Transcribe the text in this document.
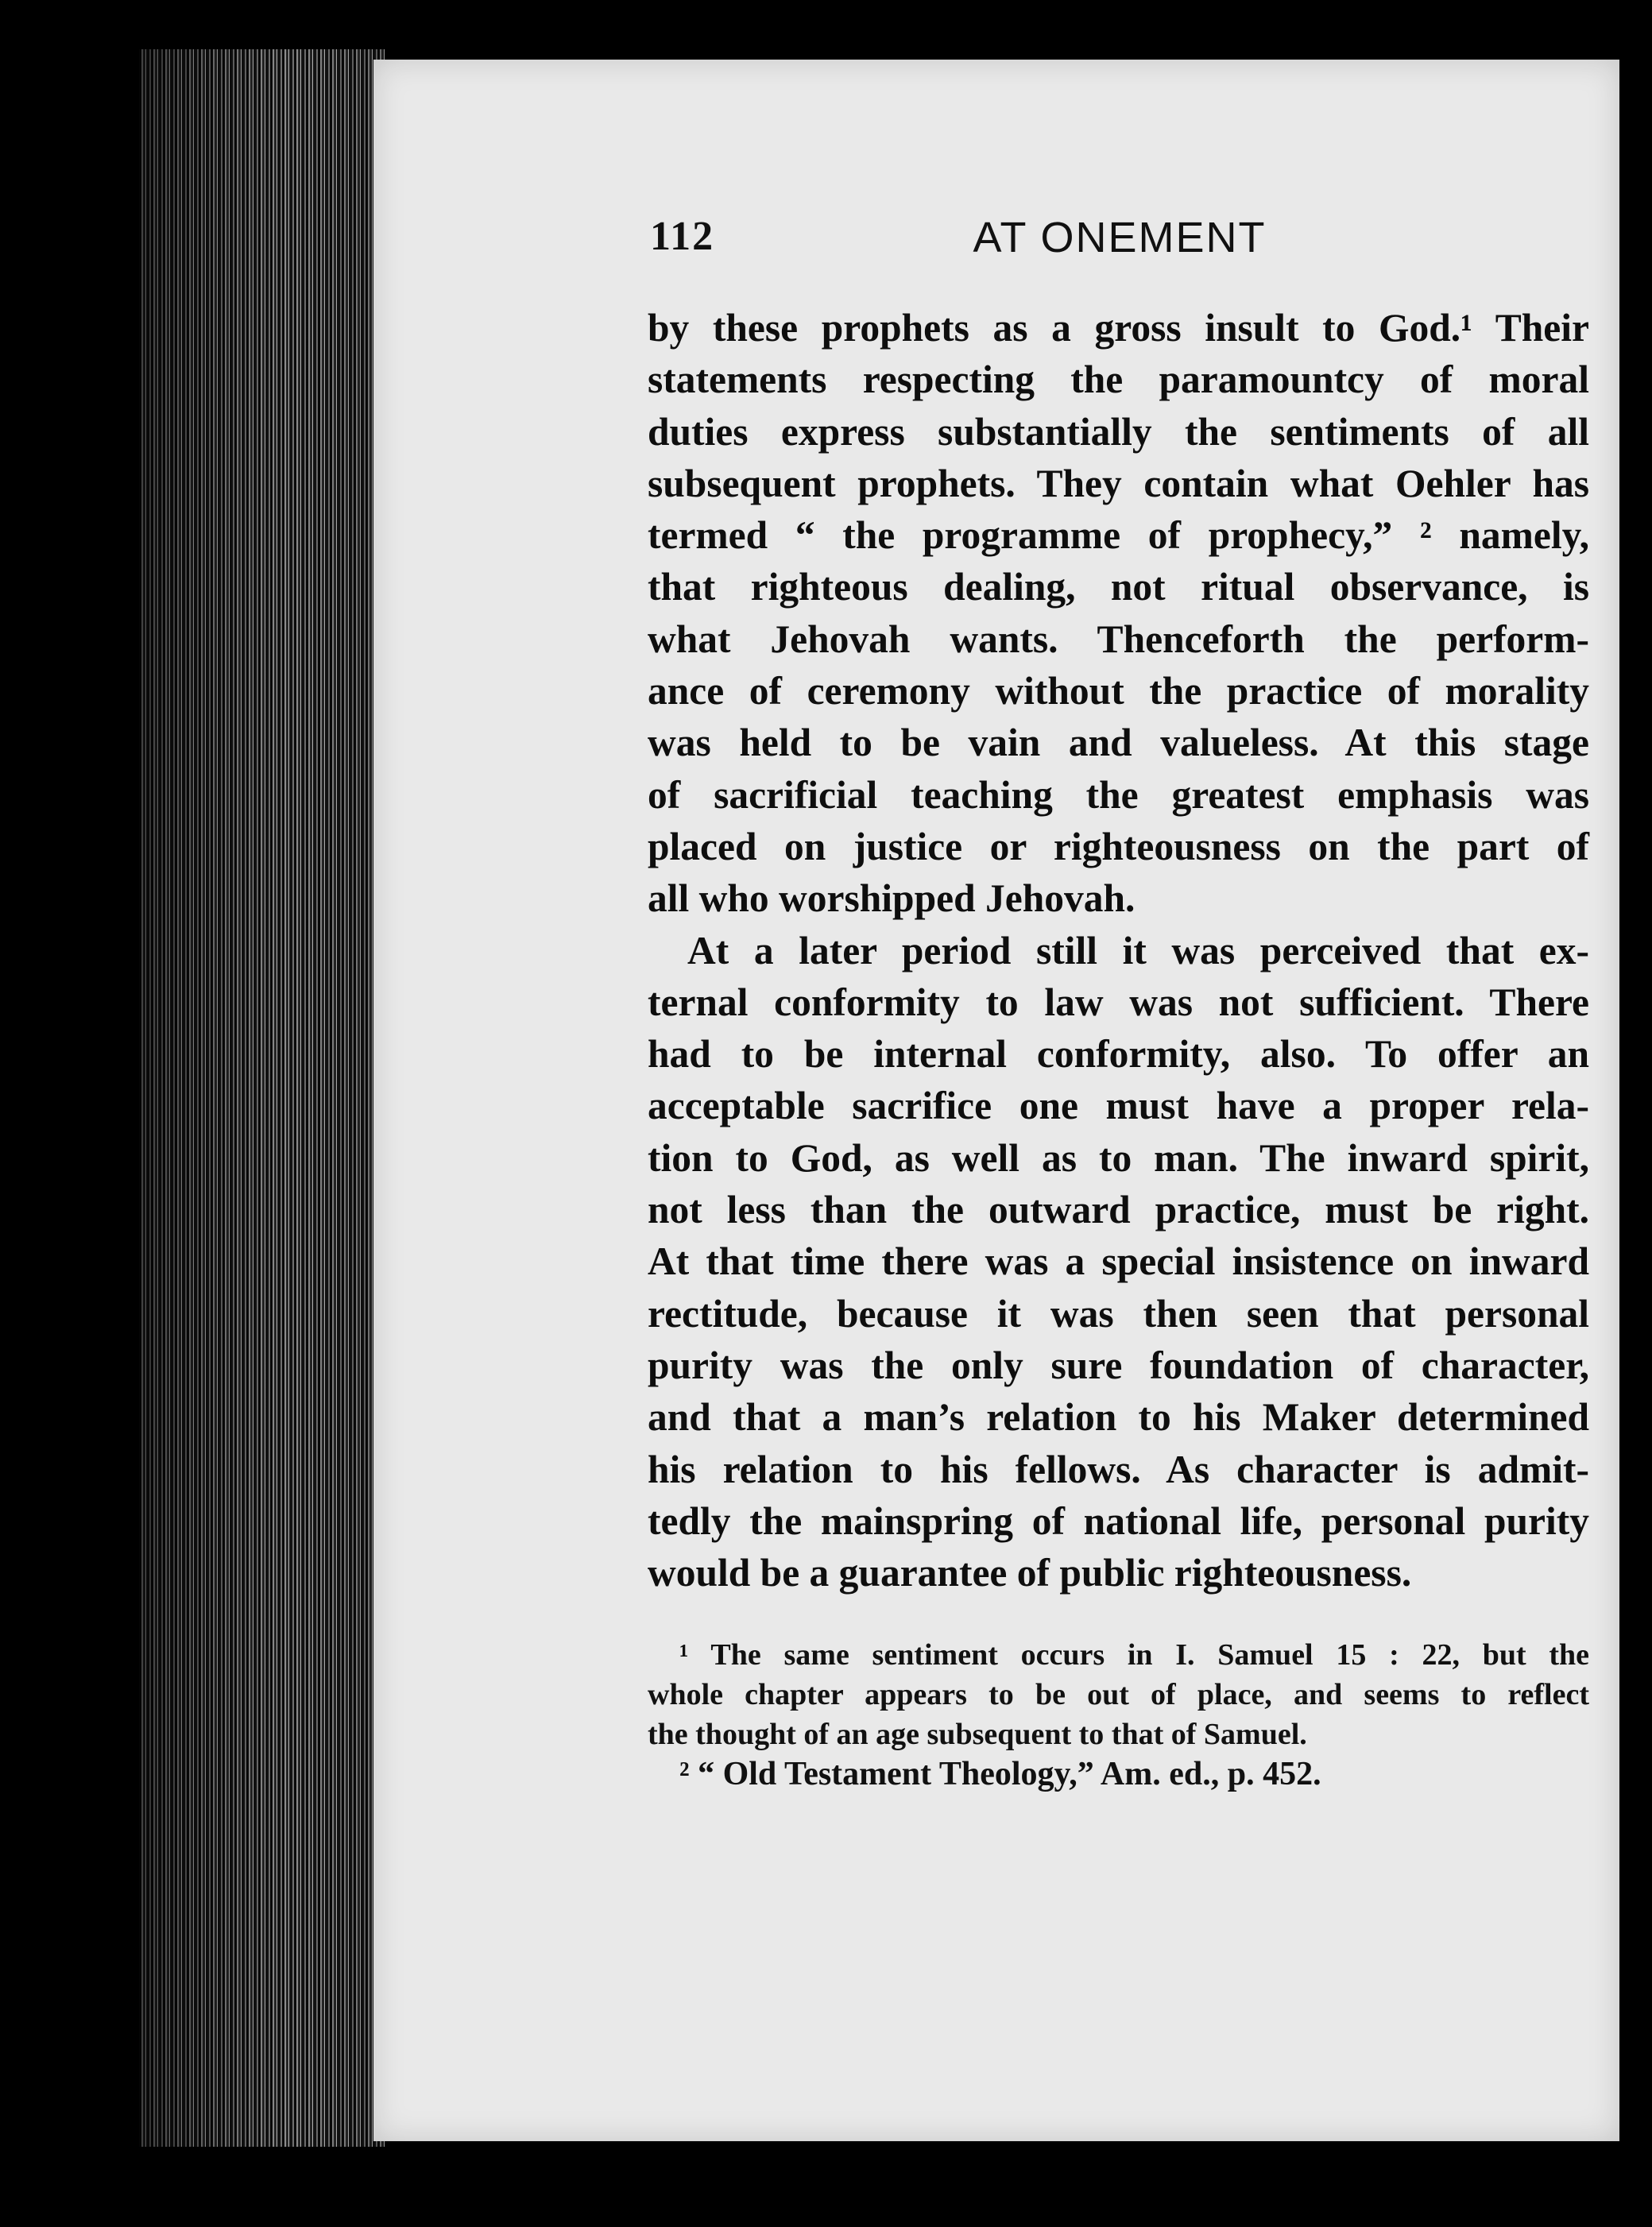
112	AT ONEMENT
by these prophets as a gross insult to God.¹ Their
statements respecting the paramountcy of moral
duties express substantially the sentiments of all
subsequent prophets. They contain what Oehler has
termed “ the programme of prophecy,” ² namely,
that righteous dealing, not ritual observance, is
what Jehovah wants. Thenceforth the perform-
ance of ceremony without the practice of morality
was held to be vain and valueless. At this stage
of sacrificial teaching the greatest emphasis was
placed on justice or righteousness on the part of
all who worshipped Jehovah.
At a later period still it was perceived that ex-
ternal conformity to law was not sufficient. There
had to be internal conformity, also. To offer an
acceptable sacrifice one must have a proper rela-
tion to God, as well as to man. The inward spirit,
not less than the outward practice, must be right.
At that time there was a special insistence on inward
rectitude, because it was then seen that personal
purity was the only sure foundation of character,
and that a man’s relation to his Maker determined
his relation to his fellows. As character is admit-
tedly the mainspring of national life, personal purity
would be a guarantee of public righteousness.
¹ The same sentiment occurs in I. Samuel 15 : 22, but the
whole chapter appears to be out of place, and seems to reflect
the thought of an age subsequent to that of Samuel.
² “ Old Testament Theology,” Am. ed., p. 452.
